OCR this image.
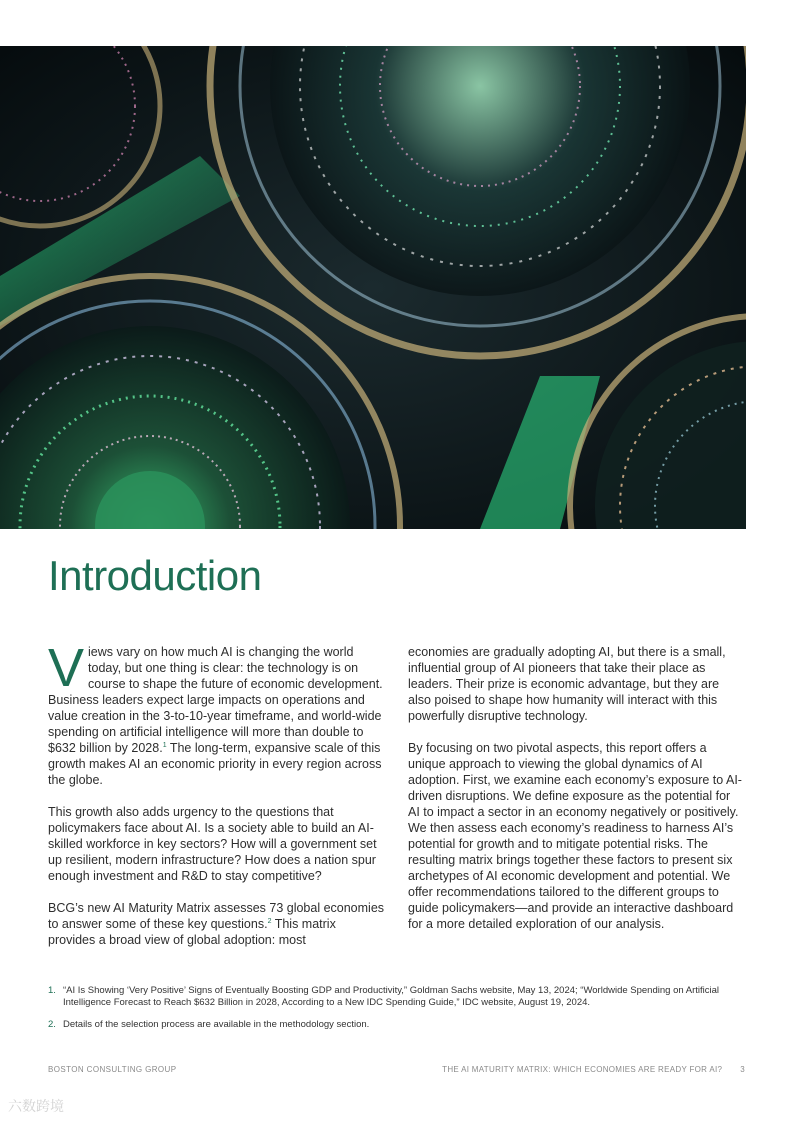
Introduction

Views vary on how much AI is changing the world today, but one thing is clear: the technology is on course to shape the future of economic development. Business leaders expect large impacts on operations and value creation in the 3-to-10-year timeframe, and world-wide spending on artificial intelligence will more than double to $632 billion by 2028.$^1$ The long-term, expansive scale of this growth makes AI an economic priority in every region across the globe.

This growth also adds urgency to the questions that policymakers face about AI. Is a society able to build an AI-skilled workforce in key sectors? How will a government set up resilient, modern infrastructure? How does a nation spur enough investment and R&D to stay competitive?

BCG’s new AI Maturity Matrix assesses 73 global economies to answer some of these key questions.$^2$ This matrix provides a broad view of global adoption: most

economies are gradually adopting AI, but there is a small, influential group of AI pioneers that take their place as leaders. Their prize is economic advantage, but they are also poised to shape how humanity will interact with this powerfully disruptive technology.

By focusing on two pivotal aspects, this report offers a unique approach to viewing the global dynamics of AI adoption. First, we examine each economy’s exposure to AI-driven disruptions. We define exposure as the potential for AI to impact a sector in an economy negatively or positively. We then assess each economy’s readiness to harness AI’s potential for growth and to mitigate potential risks. The resulting matrix brings together these factors to present six archetypes of AI economic development and potential. We offer recommendations tailored to the different groups to guide policymakers—and provide an interactive dashboard for a more detailed exploration of our analysis.

1. “AI Is Showing ‘Very Positive’ Signs of Eventually Boosting GDP and Productivity,” Goldman Sachs website, May 13, 2024; “Worldwide Spending on Artificial Intelligence Forecast to Reach $632 Billion in 2028, According to a New IDC Spending Guide,” IDC website, August 19, 2024.
2. Details of the selection process are available in the methodology section.
BOSTON CONSULTING GROUP	THE AI MATURITY MATRIX: WHICH ECONOMIES ARE READY FOR AI? 3
六数跨境
